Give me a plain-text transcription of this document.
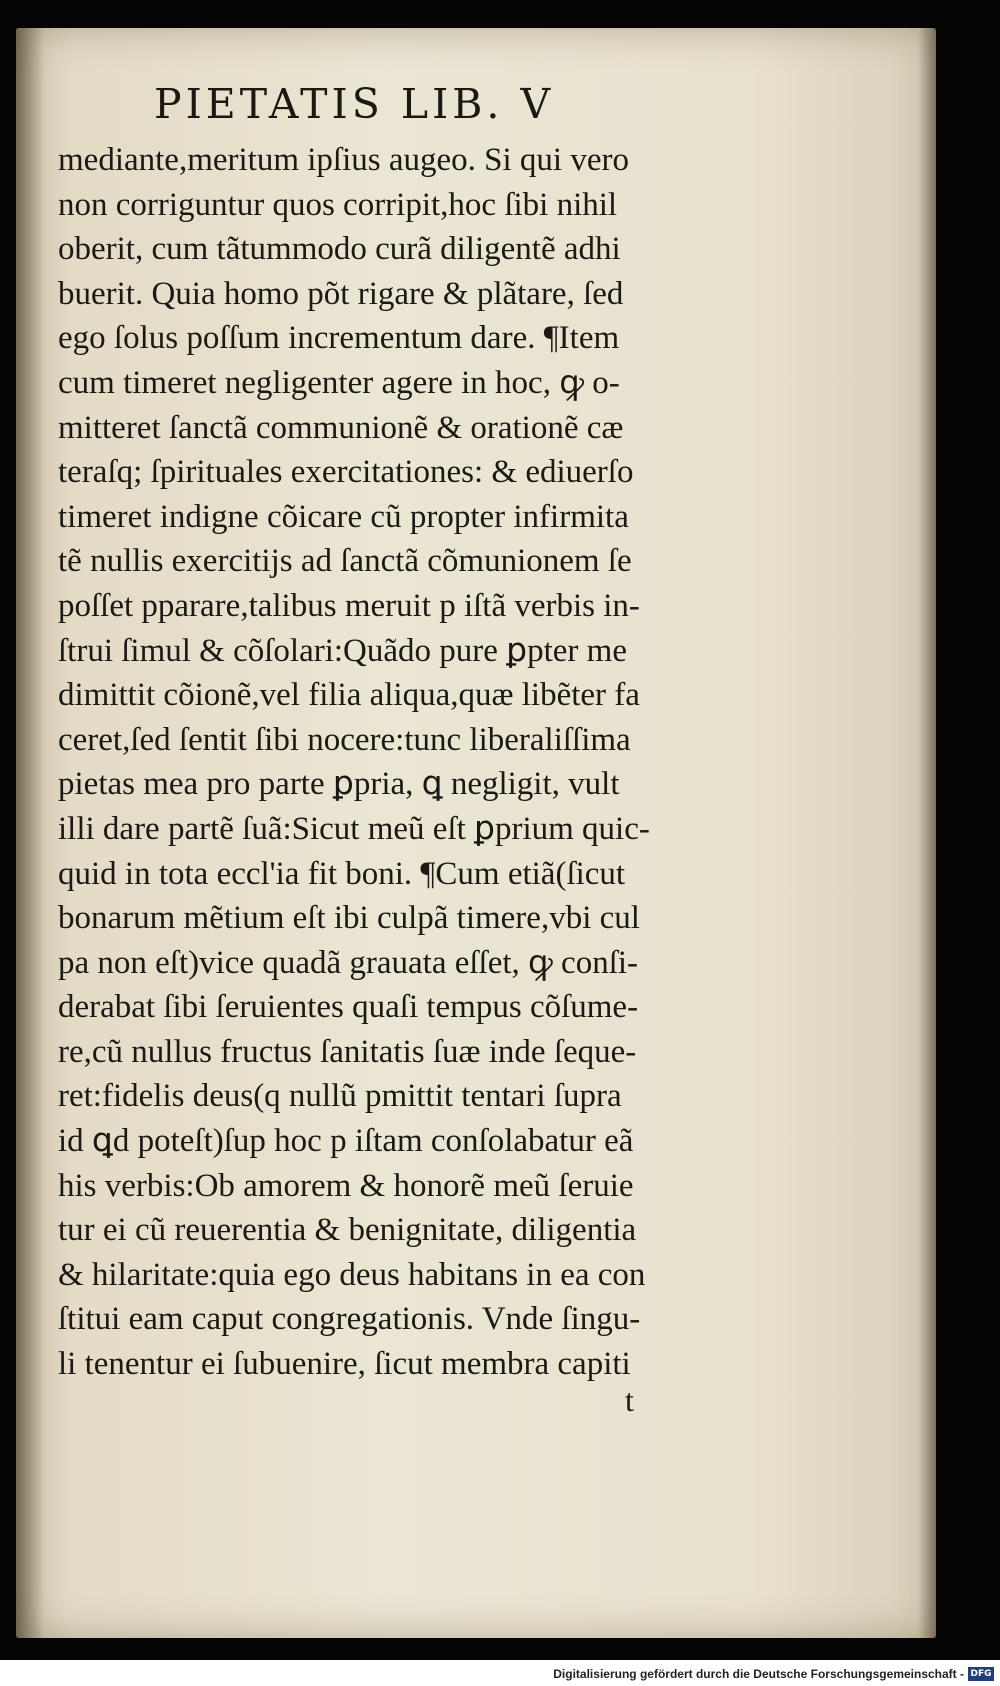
PIETATIS LIB. V
mediante,meritum ipſius augeo. Si qui vero
non corriguntur quos corripit,hoc ſibi nihil
oberit, cum tãtummodo curã diligentẽ adhi
buerit. Quia homo põt rigare & plãtare, ſed
ego ſolus poſſum incrementum dare. ¶Item
cum timeret negligenter agere in hoc, ꝙ o-
mitteret ſanctã communionẽ & orationẽ cæ
teraſq; ſpirituales exercitationes: & ediuerſo
timeret indigne cõicare cũ propter infirmita
tẽ nullis exercitijs ad ſanctã cõmunionem ſe
poſſet pparare,talibus meruit p iſtã verbis in-
ſtrui ſimul & cõſolari:Quãdo pure ꝑpter me
dimittit cõionẽ,vel filia aliqua,quæ libẽter fa
ceret,ſed ſentit ſibi nocere:tunc liberaliſſima
pietas mea pro parte ꝑpria, ꝗ negligit, vult
illi dare partẽ ſuã:Sicut meũ eſt ꝑprium quic-
quid in tota eccl'ia fit boni. ¶Cum etiã(ſicut
bonarum mẽtium eſt ibi culpã timere,vbi cul
pa non eſt)vice quadã grauata eſſet, ꝙ conſi-
derabat ſibi ſeruientes quaſi tempus cõſume-
re,cũ nullus fructus ſanitatis ſuæ inde ſeque-
ret:fidelis deus(q nullũ pmittit tentari ſupra
id ꝗd poteſt)ſup hoc p iſtam conſolabatur eã
his verbis:Ob amorem & honorẽ meũ ſeruie
tur ei cũ reuerentia & benignitate, diligentia
& hilaritate:quia ego deus habitans in ea con
ſtitui eam caput congregationis. Vnde ſingu-
li tenentur ei ſubuenire, ſicut membra capiti
t
Digitalisierung gefördert durch die Deutsche Forschungsgemeinschaft - DFG
